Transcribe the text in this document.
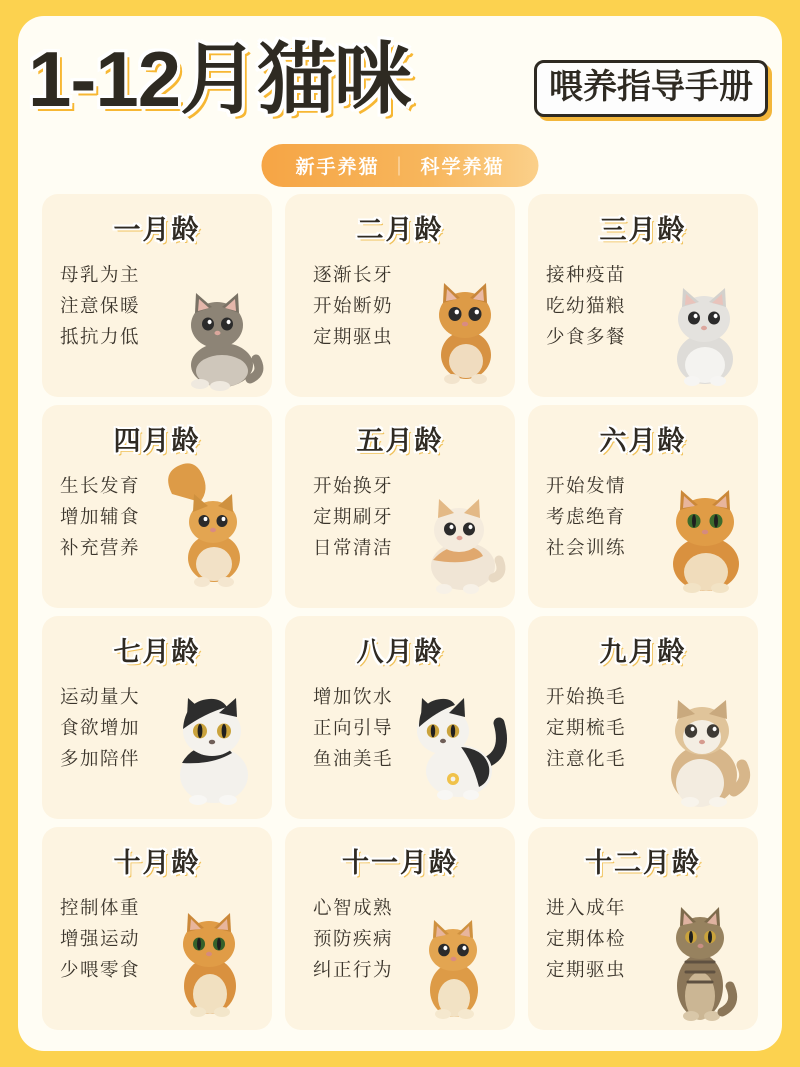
1-12月猫咪	喂养指导手册
新手养猫 ｜ 科学养猫
一月龄
母乳为主
注意保暖
抵抗力低
二月龄
逐渐长牙
开始断奶
定期驱虫
三月龄
接种疫苗
吃幼猫粮
少食多餐
四月龄
生长发育
增加辅食
补充营养
五月龄
开始换牙
定期刷牙
日常清洁
六月龄
开始发情
考虑绝育
社会训练
七月龄
运动量大
食欲增加
多加陪伴
八月龄
增加饮水
正向引导
鱼油美毛
九月龄
开始换毛
定期梳毛
注意化毛
十月龄
控制体重
增强运动
少喂零食
十一月龄
心智成熟
预防疾病
纠正行为
十二月龄
进入成年
定期体检
定期驱虫
